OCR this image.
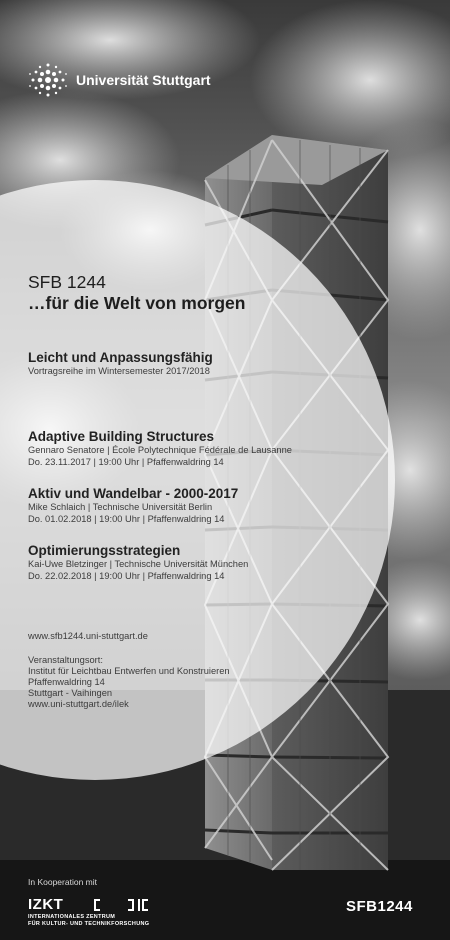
Universität Stuttgart

SFB 1244

…für die Welt von morgen

Leicht und Anpassungsfähig

Vortragsreihe im Wintersemester 2017/2018

Adaptive Building Structures

Gennaro Senatore | École Polytechnique Fédérale de Lausanne

Do. 23.11.2017 | 19:00 Uhr | Pfaffenwaldring 14

Aktiv und Wandelbar - 2000-2017

Mike Schlaich | Technische Universität Berlin

Do. 01.02.2018 | 19:00 Uhr | Pfaffenwaldring 14

Optimierungsstrategien

Kai-Uwe Bletzinger | Technische Universität München

Do. 22.02.2018 | 19:00 Uhr | Pfaffenwaldring 14

www.sfb1244.uni-stuttgart.de

Veranstaltungsort:

Institut für Leichtbau Entwerfen und Konstruieren

Pfaffenwaldring 14

Stuttgart - Vaihingen

www.uni-stuttgart.de/ilek

In Kooperation mit

IZKT

INTERNATIONALES ZENTRUM

FÜR KULTUR- UND TECHNIKFORSCHUNG

SFB1244
